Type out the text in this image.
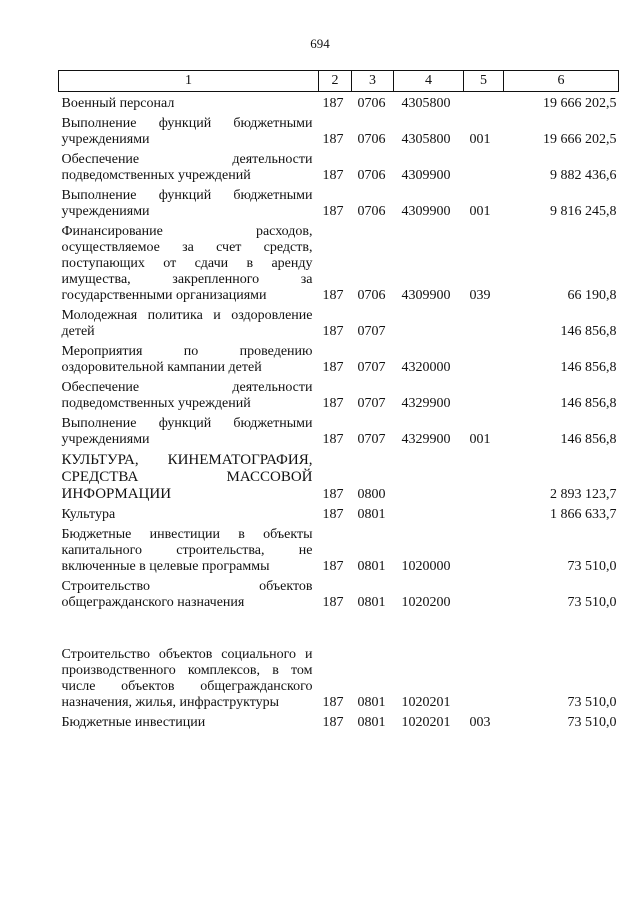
694
1	2	3	4	5	6
Военный персонал	187	0706	4305800		19 666 202,5
Выполнение функций бюджетными учреждениями	187	0706	4305800	001	19 666 202,5
Обеспечение деятельности подведомственных учреждений	187	0706	4309900		9 882 436,6
Выполнение функций бюджетными учреждениями	187	0706	4309900	001	9 816 245,8
Финансирование расходов, осуществляемое за счет средств, поступающих от сдачи в аренду имущества, закрепленного за государственными организациями	187	0706	4309900	039	66 190,8
Молодежная политика и оздоровление детей	187	0707			146 856,8
Мероприятия по проведению оздоровительной кампании детей	187	0707	4320000		146 856,8
Обеспечение деятельности подведомственных учреждений	187	0707	4329900		146 856,8
Выполнение функций бюджетными учреждениями	187	0707	4329900	001	146 856,8
КУЛЬТУРА, КИНЕМАТОГРАФИЯ, СРЕДСТВА МАССОВОЙ ИНФОРМАЦИИ	187	0800			2 893 123,7
Культура	187	0801			1 866 633,7
Бюджетные инвестиции в объекты капитального строительства, не включенные в целевые программы	187	0801	1020000		73 510,0
Строительство объектов общегражданского назначения	187	0801	1020200		73 510,0
Строительство объектов социального и производственного комплексов, в том числе объектов общегражданского назначения, жилья, инфраструктуры	187	0801	1020201		73 510,0
Бюджетные инвестиции	187	0801	1020201	003	73 510,0
